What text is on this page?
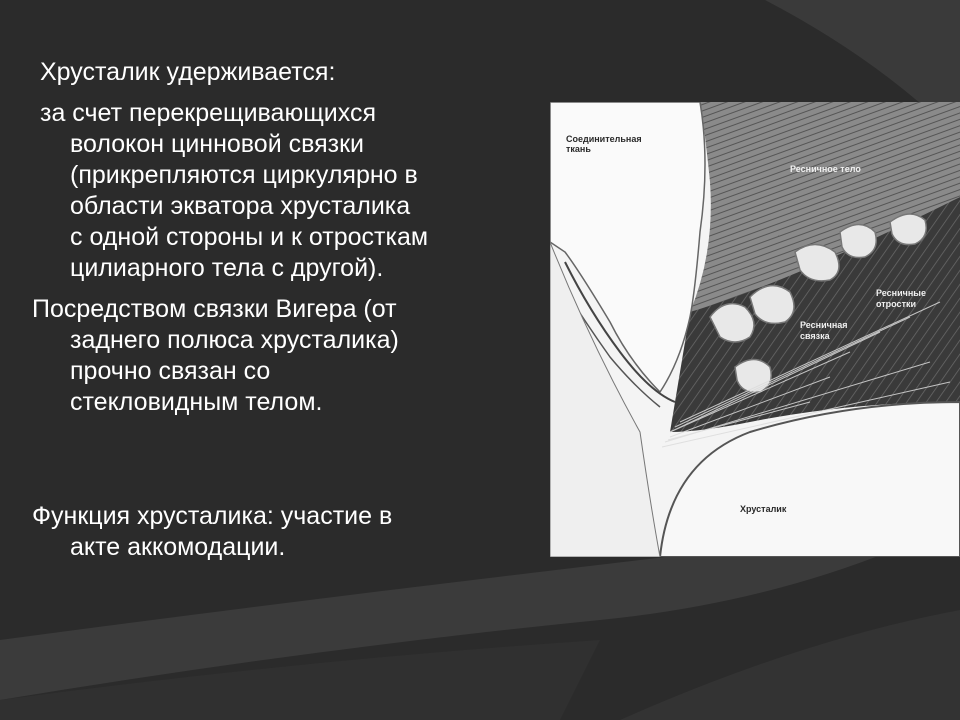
Хрусталик удерживается:
за счет перекрещивающихся
волокон цинновой связки
(прикрепляются циркулярно в
области экватора хрусталика
с одной стороны и к отросткам
цилиарного тела с другой).
Посредством связки Вигера (от
заднего полюса хрусталика)
прочно связан со
стекловидным телом.
Функция хрусталика: участие в
акте аккомодации.
Соединительная
ткань
Ресничное тело
Ресничные
отростки
Ресничная
связка
Хрусталик
